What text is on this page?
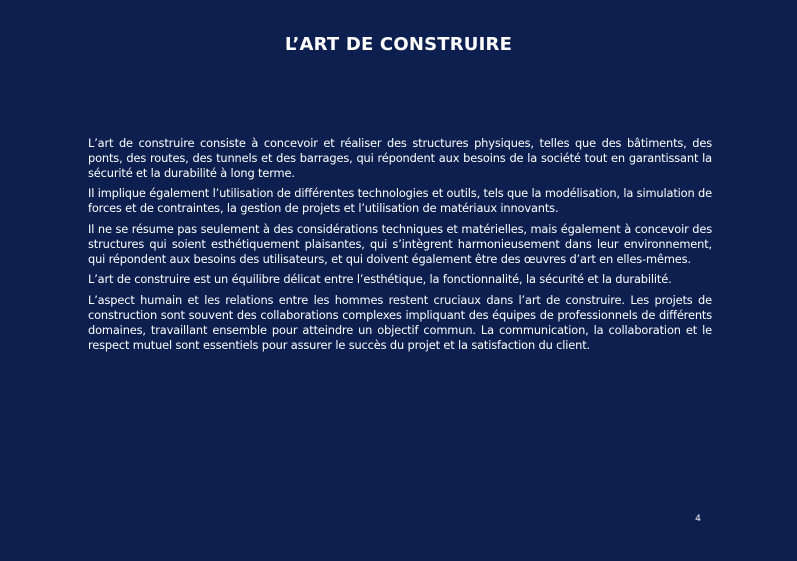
L’ART DE CONSTRUIRE

L’art de construire consiste à concevoir et réaliser des structures physiques, telles que des bâtiments, des ponts, des routes, des tunnels et des barrages, qui répondent aux besoins de la société tout en garantissant la sécurité et la durabilité à long terme.

Il implique également l’utilisation de différentes technologies et outils, tels que la modélisation, la simulation de forces et de contraintes, la gestion de projets et l’utilisation de matériaux innovants.

Il ne se résume pas seulement à des considérations techniques et matérielles, mais également à concevoir des structures qui soient esthétiquement plaisantes, qui s’intègrent harmonieusement dans leur environnement, qui répondent aux besoins des utilisateurs, et qui doivent également être des œuvres d’art en elles-mêmes.

L’art de construire est un équilibre délicat entre l’esthétique, la fonctionnalité, la sécurité et la durabilité.

L’aspect humain et les relations entre les hommes restent cruciaux dans l’art de construire. Les projets de construction sont souvent des collaborations complexes impliquant des équipes de professionnels de différents domaines, travaillant ensemble pour atteindre un objectif commun. La communication, la collaboration et le respect mutuel sont essentiels pour assurer le succès du projet et la satisfaction du client.

4
